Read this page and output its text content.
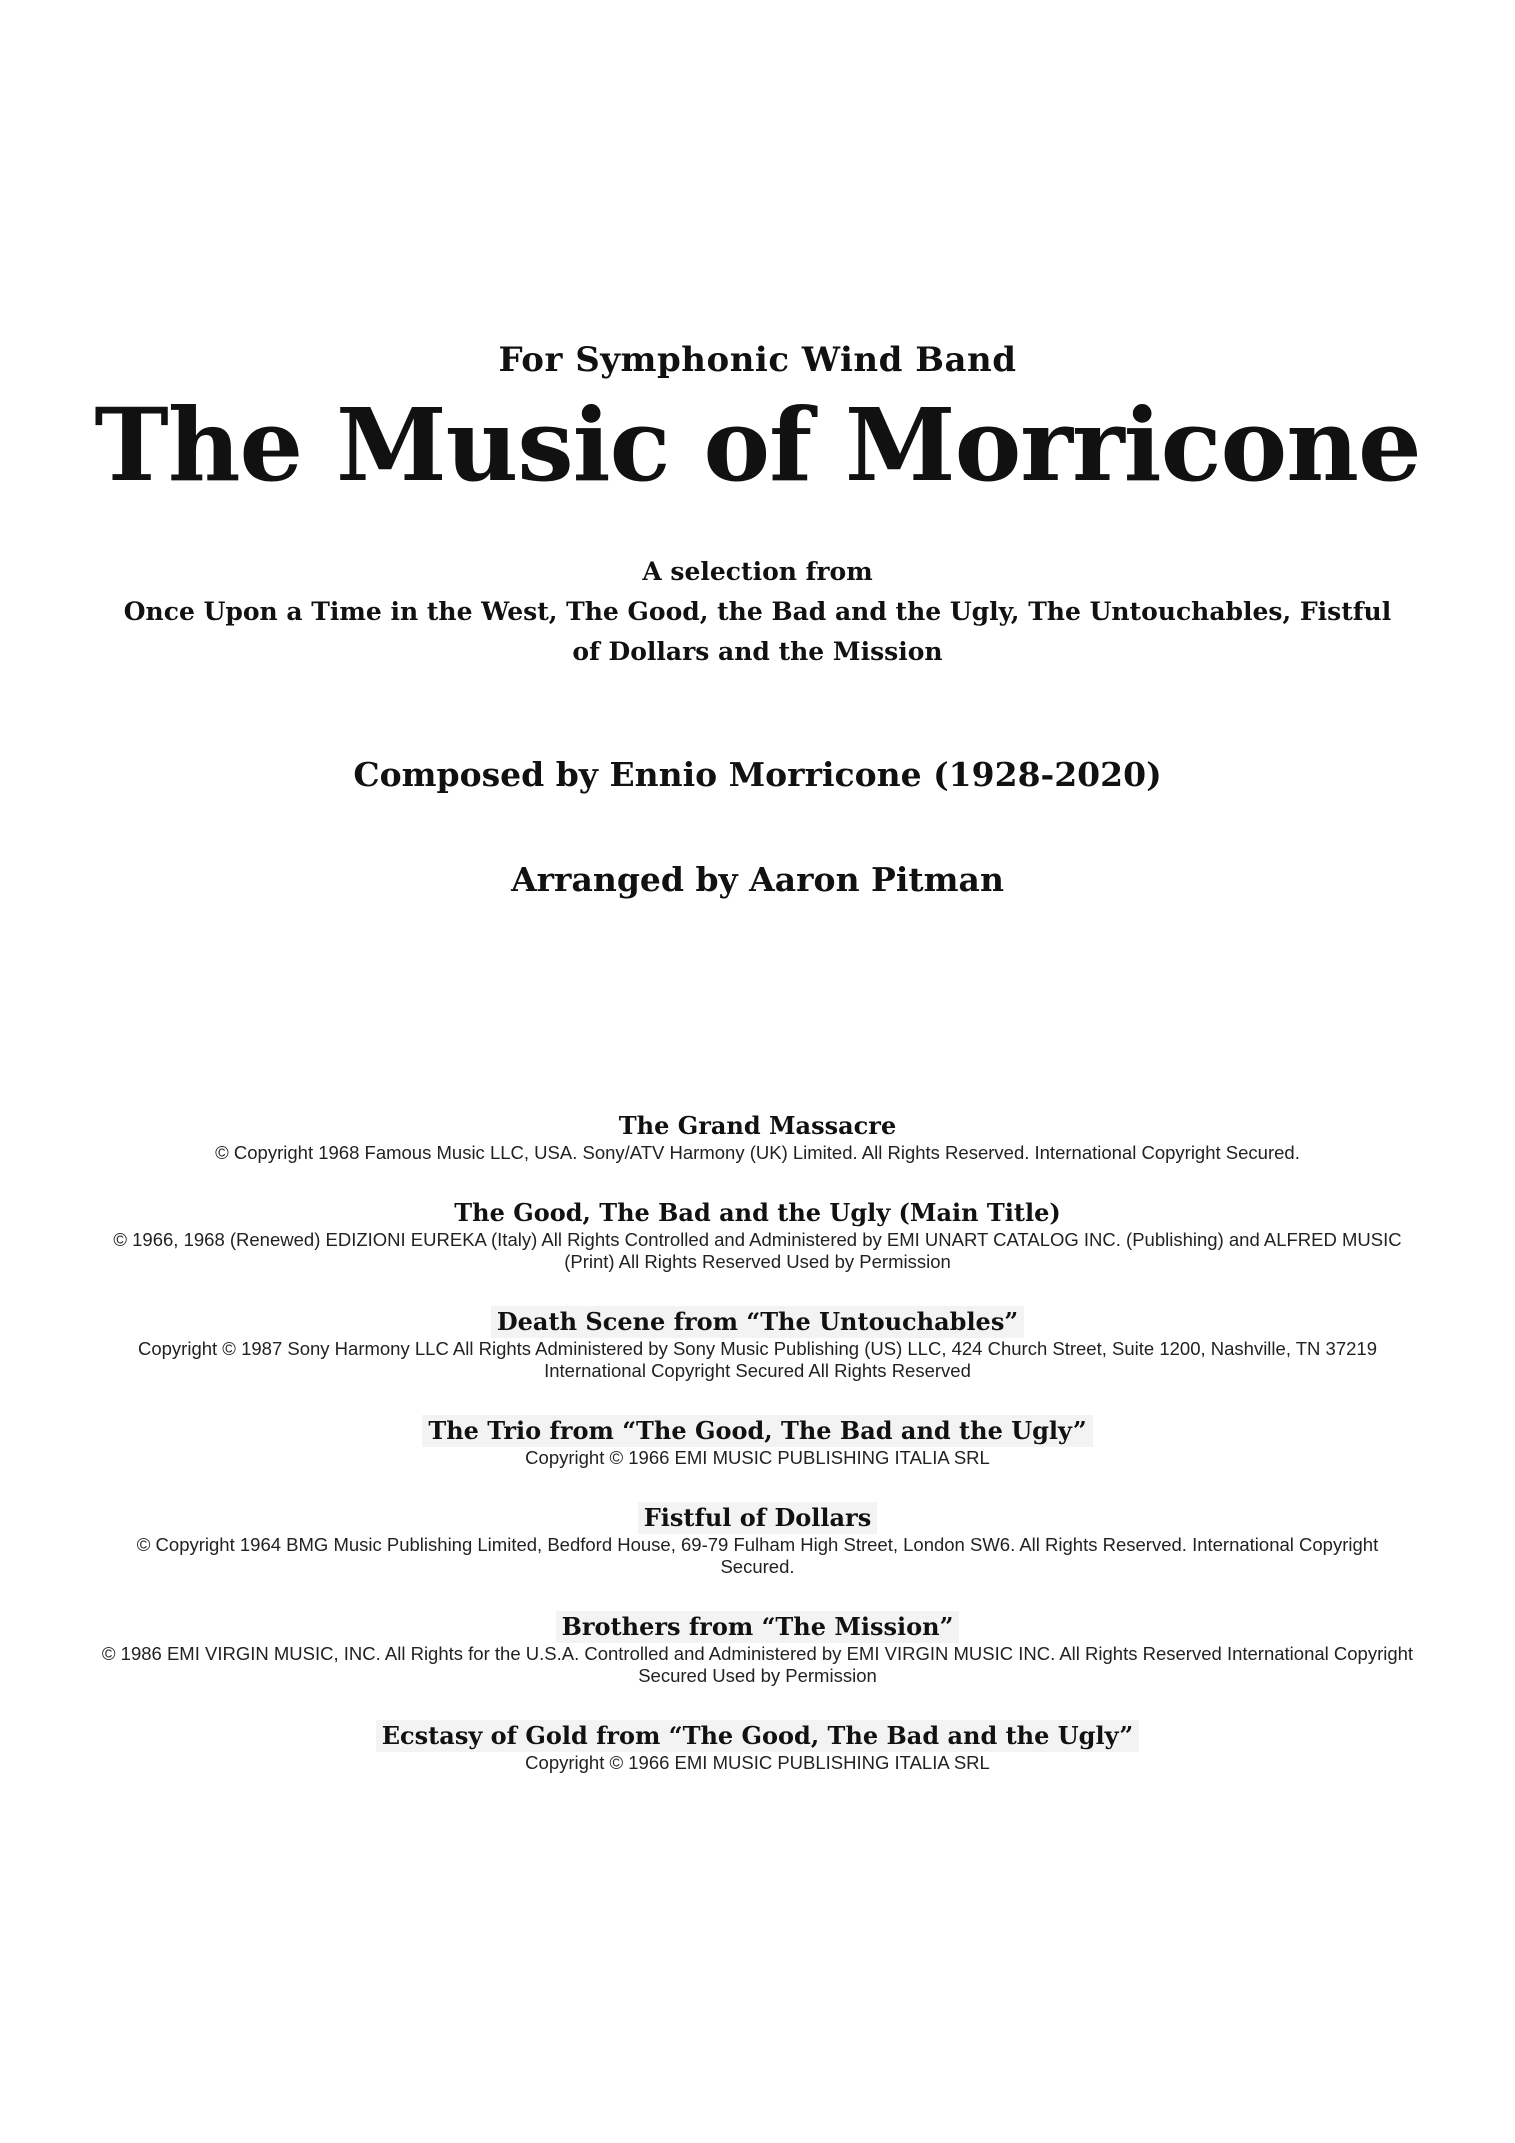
For Symphonic Wind Band
The Music of Morricone
A selection from
Once Upon a Time in the West, The Good, the Bad and the Ugly, The Untouchables, Fistful of Dollars and the Mission
Composed by Ennio Morricone (1928-2020)
Arranged by Aaron Pitman
The Grand Massacre
© Copyright 1968 Famous Music LLC, USA. Sony/ATV Harmony (UK) Limited. All Rights Reserved. International Copyright Secured.
The Good, The Bad and the Ugly (Main Title)
© 1966, 1968 (Renewed) EDIZIONI EUREKA (Italy) All Rights Controlled and Administered by EMI UNART CATALOG INC. (Publishing) and ALFRED MUSIC (Print) All Rights Reserved Used by Permission
Death Scene from “The Untouchables”
Copyright © 1987 Sony Harmony LLC All Rights Administered by Sony Music Publishing (US) LLC, 424 Church Street, Suite 1200, Nashville, TN 37219 International Copyright Secured All Rights Reserved
The Trio from “The Good, The Bad and the Ugly”
Copyright © 1966 EMI MUSIC PUBLISHING ITALIA SRL
Fistful of Dollars
© Copyright 1964 BMG Music Publishing Limited, Bedford House, 69-79 Fulham High Street, London SW6. All Rights Reserved. International Copyright Secured.
Brothers from “The Mission”
© 1986 EMI VIRGIN MUSIC, INC. All Rights for the U.S.A. Controlled and Administered by EMI VIRGIN MUSIC INC. All Rights Reserved International Copyright Secured Used by Permission
Ecstasy of Gold from “The Good, The Bad and the Ugly”
Copyright © 1966 EMI MUSIC PUBLISHING ITALIA SRL
